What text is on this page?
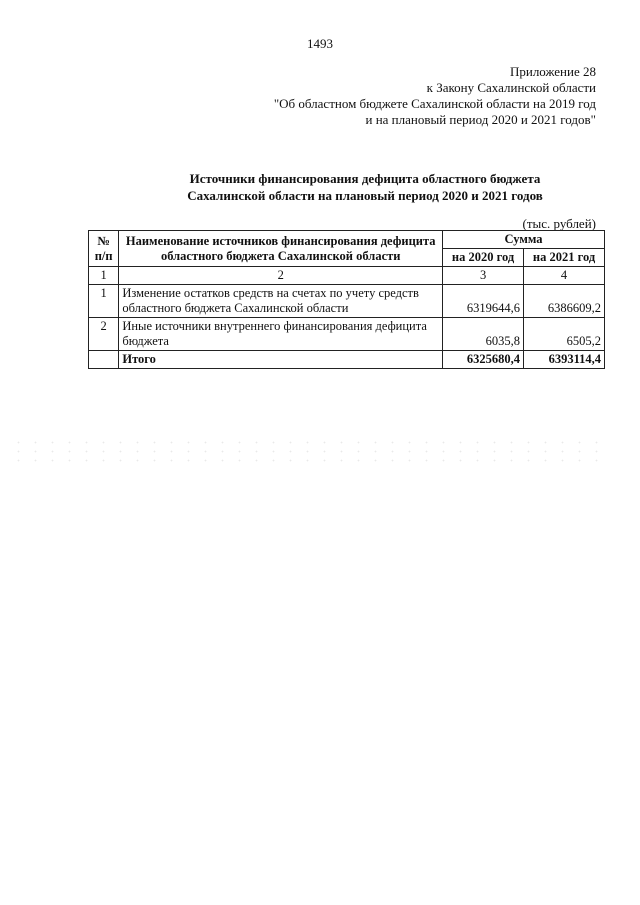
1493
Приложение 28
к Закону Сахалинской области
"Об областном бюджете Сахалинской области на 2019 год
и на плановый период 2020 и 2021 годов"
Источники финансирования дефицита областного бюджета
Сахалинской области на плановый период 2020 и 2021 годов
(тыс. рублей)
№ п/п	Наименование источников финансирования дефицита областного бюджета Сахалинской области	Сумма	
		на 2020 год	на 2021 год
1	2	3	4
1	Изменение остатков средств на счетах по учету средств областного бюджета Сахалинской области	6319644,6	6386609,2
2	Иные источники внутреннего финансирования дефицита бюджета	6035,8	6505,2
	Итого	6325680,4	6393114,4
